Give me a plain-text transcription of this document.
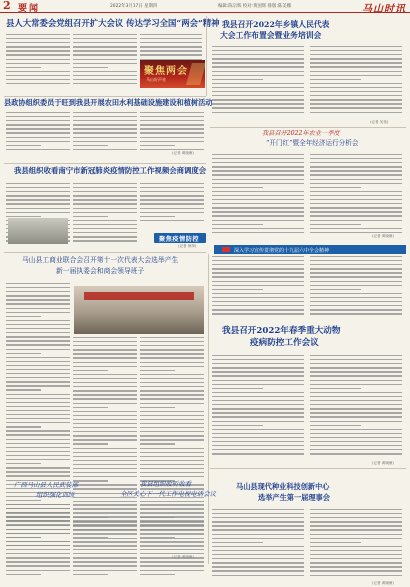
2 要闻	2022年3月17日 星期四	编辑:陈宗辉 校对:黄国辉 排版:陈美娜	马山时讯
县人大常委会党组召开扩大会议 传达学习全国“两会”精神
聚焦两会
马山好声音
我县召开2022年乡镇人民代表
大会工作布置会暨业务培训会
(记者 吴伟)
县政协组织委员于旺到我县开展农田水利基础设施建设和植树活动
(记者 黄晓雁)
我县召开2022年农业一季度
“开门红”暨全年经济运行分析会
(记者 黄晓雁)
我县组织收看南宁市新冠肺炎疫情防控工作视频会商调度会
聚焦疫情防控
(记者 徐萍)
深入学习宣传贯彻党的十九届六中全会精神
马山县工商业联合会召开第十一次代表大会选举产生
新一届执委会和商会领导班子
我县召开2022年春季重大动物
疫病防控工作会议
(记者 黄晓雁)
广西马山县人民武装部
组织强化训练
我县组织收听收看
全区关心下一代工作电视电话会议
马山县现代种业科技创新中心
选举产生第一届理事会
(记者 黄晓雁)
